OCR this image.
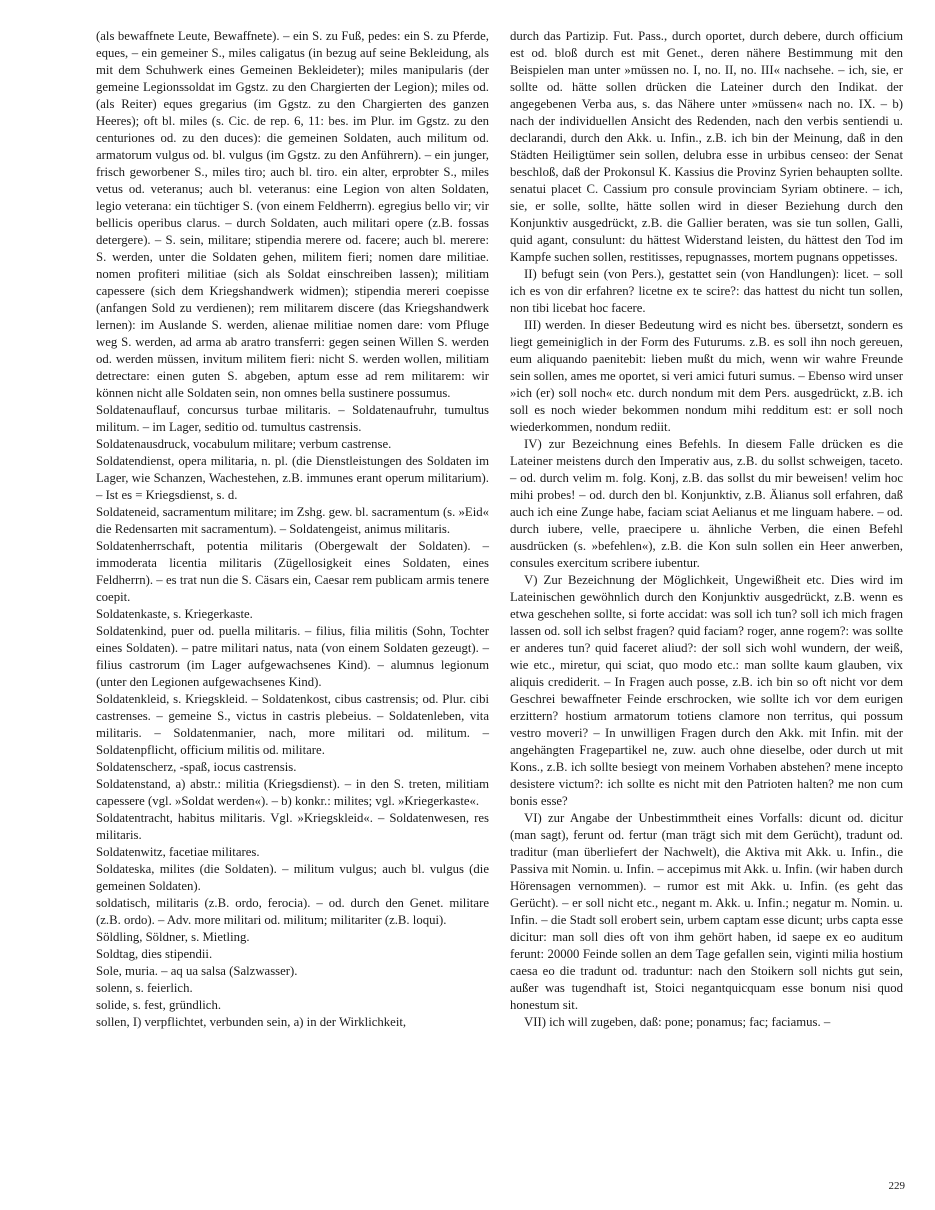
(als bewaffnete Leute, Bewaffnete). – ein S. zu Fuß, pedes: ein S. zu Pferde, eques, – ein gemeiner S., miles caligatus (in bezug auf seine Bekleidung, als mit dem Schuhwerk eines Gemeinen Bekleideter); miles manipularis (der gemeine Legionssoldat im Ggstz. zu den Chargierten der Legion); miles od. (als Reiter) eques gregarius (im Ggstz. zu den Chargierten des ganzen Heeres); oft bl. miles (s. Cic. de rep. 6, 11: bes. im Plur. im Ggstz. zu den centuriones od. zu den duces): die gemeinen Soldaten, auch militum od. armatorum vulgus od. bl. vulgus (im Ggstz. zu den Anführern). – ein junger, frisch geworbener S., miles tiro; auch bl. tiro. ein alter, erprobter S., miles vetus od. veteranus; auch bl. veteranus: eine Legion von alten Soldaten, legio veterana: ein tüchtiger S. (von einem Feldherrn). egregius bello vir; vir bellicis operibus clarus. – durch Soldaten, auch militari opere (z.B. fossas detergere). – S. sein, militare; stipendia merere od. facere; auch bl. merere: S. werden, unter die Soldaten gehen, militem fieri; nomen dare militiae. nomen profiteri militiae (sich als Soldat einschreiben lassen); militiam capessere (sich dem Kriegshandwerk widmen); stipendia mereri coepisse (anfangen Sold zu verdienen); rem militarem discere (das Kriegshandwerk lernen): im Auslande S. werden, alienae militiae nomen dare: vom Pfluge weg S. werden, ad arma ab aratro transferri: gegen seinen Willen S. werden od. werden müssen, invitum militem fieri: nicht S. werden wollen, militiam detrectare: einen guten S. abgeben, aptum esse ad rem militarem: wir können nicht alle Soldaten sein, non omnes bella sustinere possumus.

Soldatenauflauf, concursus turbae militaris. – Soldatenaufruhr, tumultus militum. – im Lager, seditio od. tumultus castrensis.

Soldatenausdruck, vocabulum militare; verbum castrense.

Soldatendienst, opera militaria, n. pl. (die Dienstleistungen des Soldaten im Lager, wie Schanzen, Wachestehen, z.B. immunes erant operum militarium). – Ist es = Kriegsdienst, s. d.

Soldateneid, sacramentum militare; im Zshg. gew. bl. sacramentum (s. »Eid« die Redensarten mit sacramentum). – Soldatengeist, animus militaris.

Soldatenherrschaft, potentia militaris (Obergewalt der Soldaten). – immoderata licentia militaris (Zügellosigkeit eines Soldaten, eines Feldherrn). – es trat nun die S. Cäsars ein, Caesar rem publicam armis tenere coepit.

Soldatenkaste, s. Kriegerkaste.

Soldatenkind, puer od. puella militaris. – filius, filia militis (Sohn, Tochter eines Soldaten). – patre militari natus, nata (von einem Soldaten gezeugt). – filius castrorum (im Lager aufgewachsenes Kind). – alumnus legionum (unter den Legionen aufgewachsenes Kind).

Soldatenkleid, s. Kriegskleid. – Soldatenkost, cibus castrensis; od. Plur. cibi castrenses. – gemeine S., victus in castris plebeius. – Soldatenleben, vita militaris. – Soldatenmanier, nach, more militari od. militum. – Soldatenpflicht, officium militis od. militare.

Soldatenscherz, -spaß, iocus castrensis.

Soldatenstand, a) abstr.: militia (Kriegsdienst). – in den S. treten, militiam capessere (vgl. »Soldat werden«). – b) konkr.: milites; vgl. »Kriegerkaste«.

Soldatentracht, habitus militaris. Vgl. »Kriegskleid«. – Soldatenwesen, res militaris.

Soldatenwitz, facetiae militares.

Soldateska, milites (die Soldaten). – militum vulgus; auch bl. vulgus (die gemeinen Soldaten).

soldatisch, militaris (z.B. ordo, ferocia). – od. durch den Genet. militare (z.B. ordo). – Adv. more militari od. militum; militariter (z.B. loqui).

Söldling, Söldner, s. Mietling.

Soldtag, dies stipendii.

Sole, muria. – aq ua salsa (Salzwasser).

solenn, s. feierlich.

solide, s. fest, gründlich.

sollen, I) verpflichtet, verbunden sein, a) in der Wirklichkeit,

durch das Partizip. Fut. Pass., durch oportet, durch debere, durch officium est od. bloß durch est mit Genet., deren nähere Bestimmung mit den Beispielen man unter »müssen no. I, no. II, no. III« nachsehe. – ich, sie, er sollte od. hätte sollen drücken die Lateiner durch den Indikat. der angegebenen Verba aus, s. das Nähere unter »müssen« nach no. IX. – b) nach der individuellen Ansicht des Redenden, nach den verbis sentiendi u. declarandi, durch den Akk. u. Infin., z.B. ich bin der Meinung, daß in den Städten Heiligtümer sein sollen, delubra esse in urbibus censeo: der Senat beschloß, daß der Prokonsul K. Kassius die Provinz Syrien behaupten sollte. senatui placet C. Cassium pro consule provinciam Syriam obtinere. – ich, sie, er solle, sollte, hätte sollen wird in dieser Beziehung durch den Konjunktiv ausgedrückt, z.B. die Gallier beraten, was sie tun sollen, Galli, quid agant, consulunt: du hättest Widerstand leisten, du hättest den Tod im Kampfe suchen sollen, restitisses, repugnasses, mortem pugnans oppetisses.

II) befugt sein (von Pers.), gestattet sein (von Handlungen): licet. – soll ich es von dir erfahren? licetne ex te scire?: das hattest du nicht tun sollen, non tibi licebat hoc facere.

III) werden. In dieser Bedeutung wird es nicht bes. übersetzt, sondern es liegt gemeiniglich in der Form des Futurums. z.B. es soll ihn noch gereuen, eum aliquando paenitebit: lieben mußt du mich, wenn wir wahre Freunde sein sollen, ames me oportet, si veri amici futuri sumus. – Ebenso wird unser »ich (er) soll noch« etc. durch nondum mit dem Pers. ausgedrückt, z.B. ich soll es noch wieder bekommen nondum mihi redditum est: er soll noch wiederkommen, nondum rediit.

IV) zur Bezeichnung eines Befehls. In diesem Falle drücken es die Lateiner meistens durch den Imperativ aus, z.B. du sollst schweigen, taceto. – od. durch velim m. folg. Konj, z.B. das sollst du mir beweisen! velim hoc mihi probes! – od. durch den bl. Konjunktiv, z.B. Älianus soll erfahren, daß auch ich eine Zunge habe, faciam sciat Aelianus et me linguam habere. – od. durch iubere, velle, praecipere u. ähnliche Verben, die einen Befehl ausdrücken (s. »befehlen«), z.B. die Kon suln sollen ein Heer anwerben, consules exercitum scribere iubentur.

V) Zur Bezeichnung der Möglichkeit, Ungewißheit etc. Dies wird im Lateinischen gewöhnlich durch den Konjunktiv ausgedrückt, z.B. wenn es etwa geschehen sollte, si forte accidat: was soll ich tun? soll ich mich fragen lassen od. soll ich selbst fragen? quid faciam? roger, anne rogem?: was sollte er anderes tun? quid faceret aliud?: der soll sich wohl wundern, der weiß, wie etc., miretur, qui sciat, quo modo etc.: man sollte kaum glauben, vix aliquis crediderit. – In Fragen auch posse, z.B. ich bin so oft nicht vor dem Geschrei bewaffneter Feinde erschrocken, wie sollte ich vor dem eurigen erzittern? hostium armatorum totiens clamore non territus, qui possum vestro moveri? – In unwilligen Fragen durch den Akk. mit Infin. mit der angehängten Fragepartikel ne, zuw. auch ohne dieselbe, oder durch ut mit Kons., z.B. ich sollte besiegt von meinem Vorhaben abstehen? mene incepto desistere victum?: ich sollte es nicht mit den Patrioten halten? me non cum bonis esse?

VI) zur Angabe der Unbestimmtheit eines Vorfalls: dicunt od. dicitur (man sagt), ferunt od. fertur (man trägt sich mit dem Gerücht), tradunt od. traditur (man überliefert der Nachwelt), die Aktiva mit Akk. u. Infin., die Passiva mit Nomin. u. Infin. – accepimus mit Akk. u. Infin. (wir haben durch Hörensagen vernommen). – rumor est mit Akk. u. Infin. (es geht das Gerücht). – er soll nicht etc., negant m. Akk. u. Infin.; negatur m. Nomin. u. Infin. – die Stadt soll erobert sein, urbem captam esse dicunt; urbs capta esse dicitur: man soll dies oft von ihm gehört haben, id saepe ex eo auditum ferunt: 20000 Feinde sollen an dem Tage gefallen sein, viginti milia hostium caesa eo die tradunt od. traduntur: nach den Stoikern soll nichts gut sein, außer was tugendhaft ist, Stoici negantquicquam esse bonum nisi quod honestum sit.

VII) ich will zugeben, daß: pone; ponamus; fac; faciamus. –

229
